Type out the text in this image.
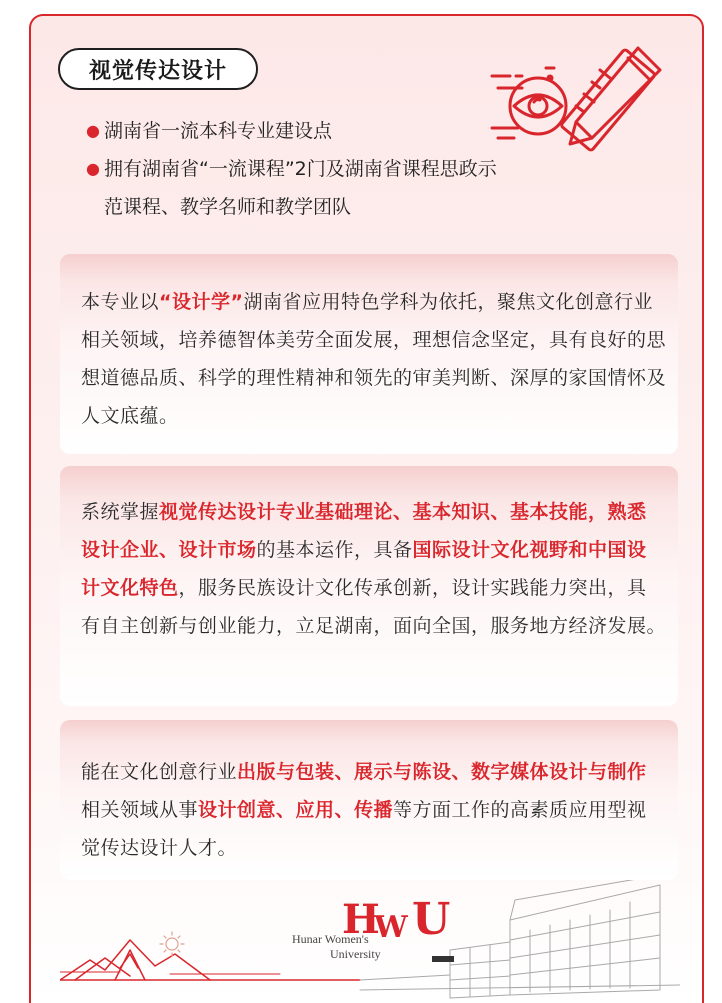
视觉传达设计
● 湖南省一流本科专业建设点
● 拥有湖南省“一流课程”2门及湖南省课程思政示
范课程、教学名师和教学团队
本专业以“设计学”湖南省应用特色学科为依托，聚焦文化创意行业相关领域，培养德智体美劳全面发展，理想信念坚定，具有良好的思想道德品质、科学的理性精神和领先的审美判断、深厚的家国情怀及人文底蕴。
系统掌握视觉传达设计专业基础理论、基本知识、基本技能，熟悉设计企业、设计市场的基本运作，具备国际设计文化视野和中国设计文化特色，服务民族设计文化传承创新，设计实践能力突出，具有自主创新与创业能力，立足湖南，面向全国，服务地方经济发展。
能在文化创意行业出版与包装、展示与陈设、数字媒体设计与制作相关领域从事设计创意、应用、传播等方面工作的高素质应用型视觉传达设计人才。
H
W U
Hunar Women's
University
